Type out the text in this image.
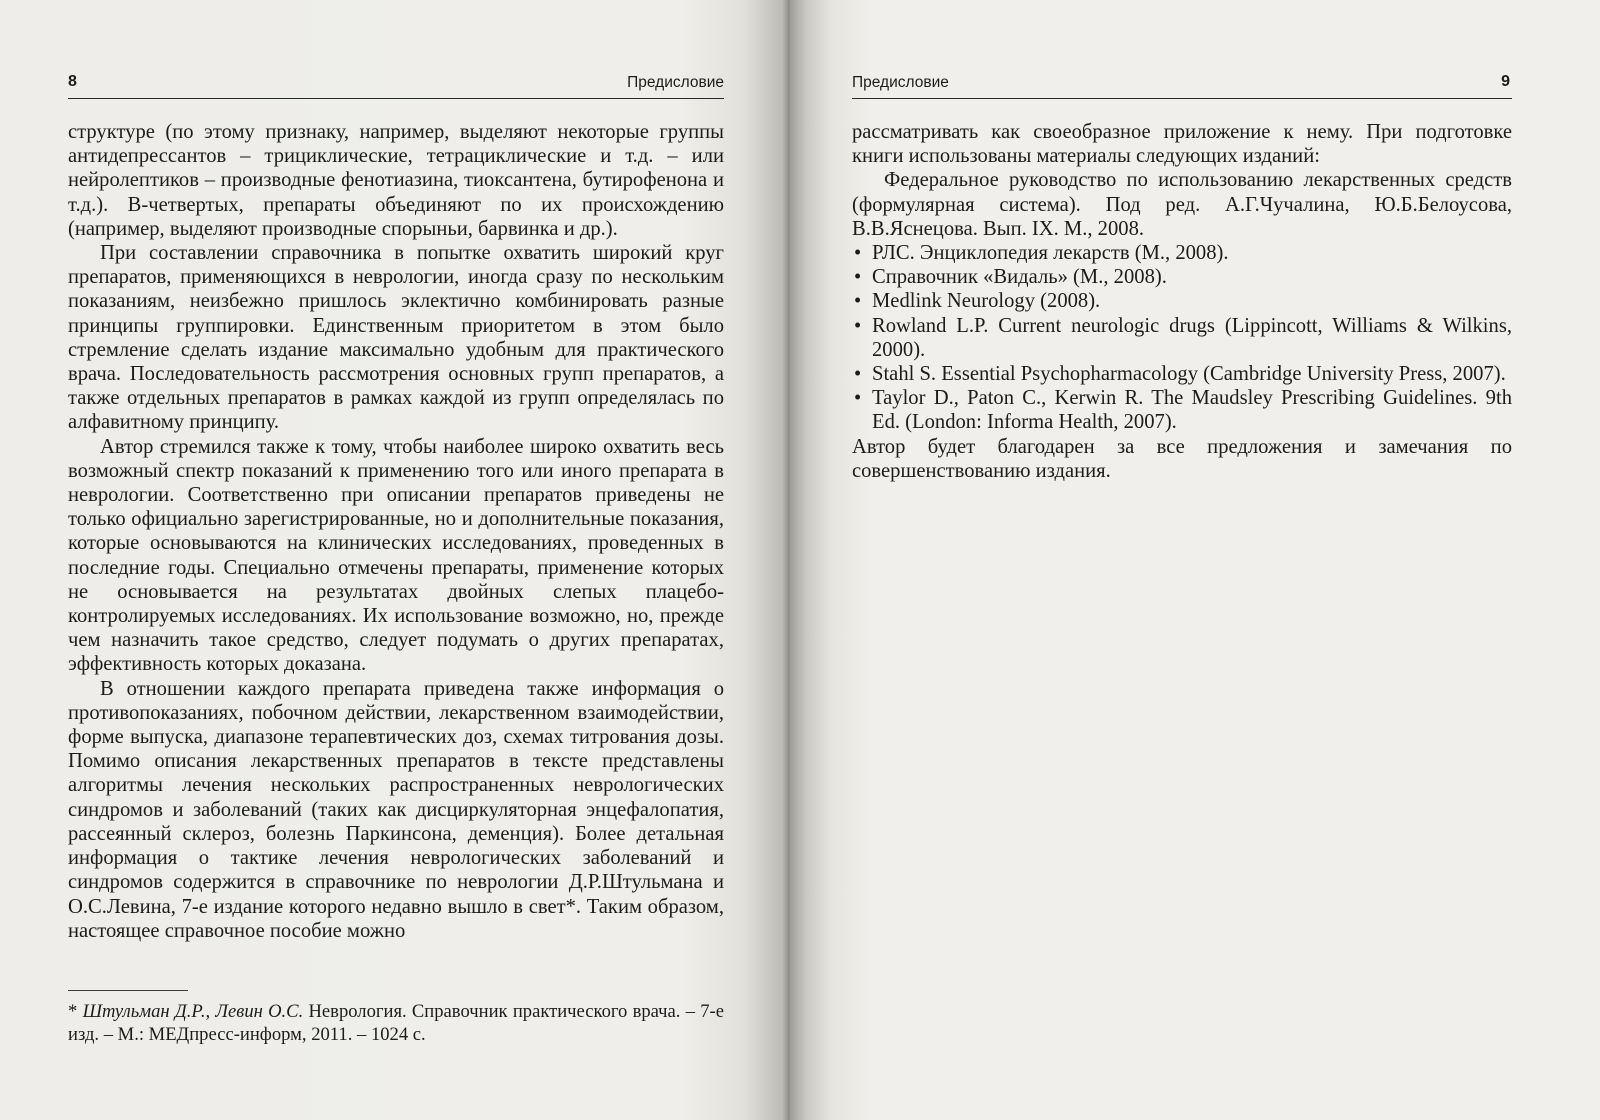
8	Предисловие

структуре (по этому признаку, например, выделяют некоторые группы антидепрессантов – трициклические, тетрациклические и т.д. – или нейролептиков – производные фенотиазина, тиоксантена, бутирофенона и т.д.). В-четвертых, препараты объединяют по их происхождению (например, выделяют производные спорыньи, барвинка и др.).

При составлении справочника в попытке охватить широкий круг препаратов, применяющихся в неврологии, иногда сразу по нескольким показаниям, неизбежно пришлось эклектично комбинировать разные принципы группировки. Единственным приоритетом в этом было стремление сделать издание максимально удобным для практического врача. Последовательность рассмотрения основных групп препаратов, а также отдельных препаратов в рамках каждой из групп определялась по алфавитному принципу.

Автор стремился также к тому, чтобы наиболее широко охватить весь возможный спектр показаний к применению того или иного препарата в неврологии. Соответственно при описании препаратов приведены не только официально зарегистрированные, но и дополнительные показания, которые основываются на клинических исследованиях, проведенных в последние годы. Специально отмечены препараты, применение которых не основывается на результатах двойных слепых плацебо-контролируемых исследованиях. Их использование возможно, но, прежде чем назначить такое средство, следует подумать о других препаратах, эффективность которых доказана.

В отношении каждого препарата приведена также информация о противопоказаниях, побочном действии, лекарственном взаимодействии, форме выпуска, диапазоне терапевтических доз, схемах титрования дозы. Помимо описания лекарственных препаратов в тексте представлены алгоритмы лечения нескольких распространенных неврологических синдромов и заболеваний (таких как дисциркуляторная энцефалопатия, рассеянный склероз, болезнь Паркинсона, деменция). Более детальная информация о тактике лечения неврологических заболеваний и синдромов содержится в справочнике по неврологии Д.Р.Штульмана и О.С.Левина, 7-е издание которого недавно вышло в свет*. Таким образом, настоящее справочное пособие можно

* Штульман Д.Р., Левин О.С. Неврология. Справочник практического врача. – 7-е изд. – М.: МЕДпресс-информ, 2011. – 1024 с.
Предисловие	9

рассматривать как своеобразное приложение к нему. При подготовке книги использованы материалы следующих изданий:

Федеральное руководство по использованию лекарственных средств (формулярная система). Под ред. А.Г.Чучалина, Ю.Б.Белоусова, В.В.Яснецова. Вып. IX. М., 2008.

• РЛС. Энциклопедия лекарств (М., 2008).
• Справочник «Видаль» (М., 2008).
• Medlink Neurology (2008).
• Rowland L.P. Current neurologic drugs (Lippincott, Williams & Wilkins, 2000).
• Stahl S. Essential Psychopharmacology (Cambridge University Press, 2007).
• Taylor D., Paton C., Kerwin R. The Maudsley Prescribing Guidelines. 9th Ed. (London: Informa Health, 2007).

Автор будет благодарен за все предложения и замечания по совершенствованию издания.
